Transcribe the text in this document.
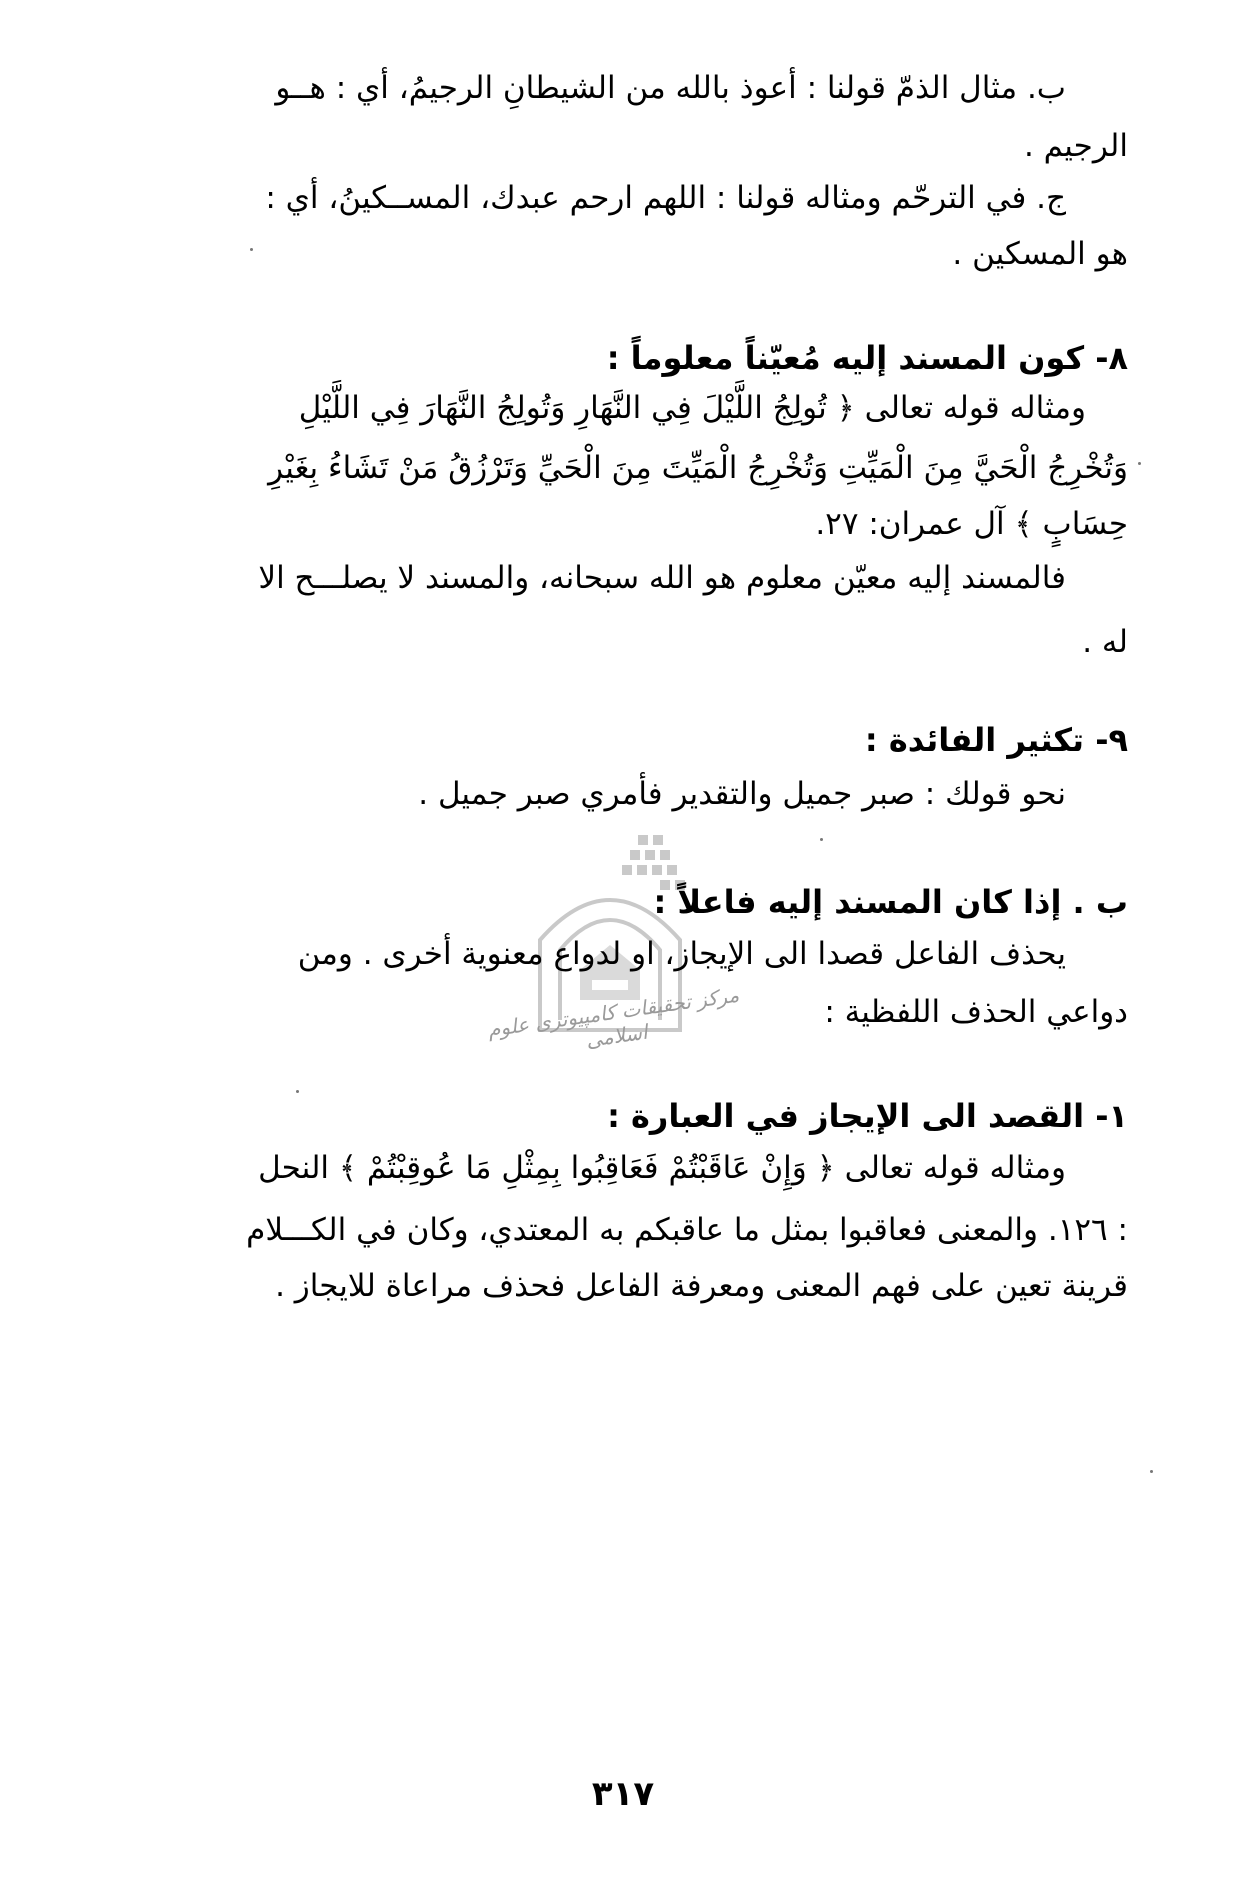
مرکز تحقیقات کامپیوتری علوم اسلامی
ب. مثال الذمّ قولنا : أعوذ بالله من الشيطانِ الرجيمُ، أي : هــو
الرجيم .
ج. في الترحّم ومثاله قولنا : اللهم ارحم عبدك، المســكينُ، أي :
هو المسكين .
٨- كون المسند إليه مُعيّناً معلوماً :
ومثاله قوله تعالى ﴿ تُولِجُ اللَّيْلَ فِي النَّهَارِ وَتُولِجُ النَّهَارَ فِي اللَّيْلِ
وَتُخْرِجُ الْحَيَّ مِنَ الْمَيِّتِ وَتُخْرِجُ الْمَيِّتَ مِنَ الْحَيِّ وَتَرْزُقُ مَنْ تَشَاءُ بِغَيْرِ
حِسَابٍ ﴾ آل عمران: ٢٧.
فالمسند إليه معيّن معلوم هو الله سبحانه، والمسند لا يصلـــح الا
له .
٩- تكثير الفائدة :
نحو قولك : صبر جميل والتقدير فأمري صبر جميل .
ب . إذا كان المسند إليه فاعلاً :
يحذف الفاعل قصدا الى الإيجاز، او لدواع معنوية أخرى . ومن
دواعي الحذف اللفظية :
١- القصد الى الإيجاز في العبارة :
ومثاله قوله تعالى ﴿ وَإِنْ عَاقَبْتُمْ فَعَاقِبُوا بِمِثْلِ مَا عُوقِبْتُمْ ﴾ النحل
: ١٢٦. والمعنى فعاقبوا بمثل ما عاقبكم به المعتدي، وكان في الكـــلام
قرينة تعين على فهم المعنى ومعرفة الفاعل فحذف مراعاة للايجاز .
٣١٧
